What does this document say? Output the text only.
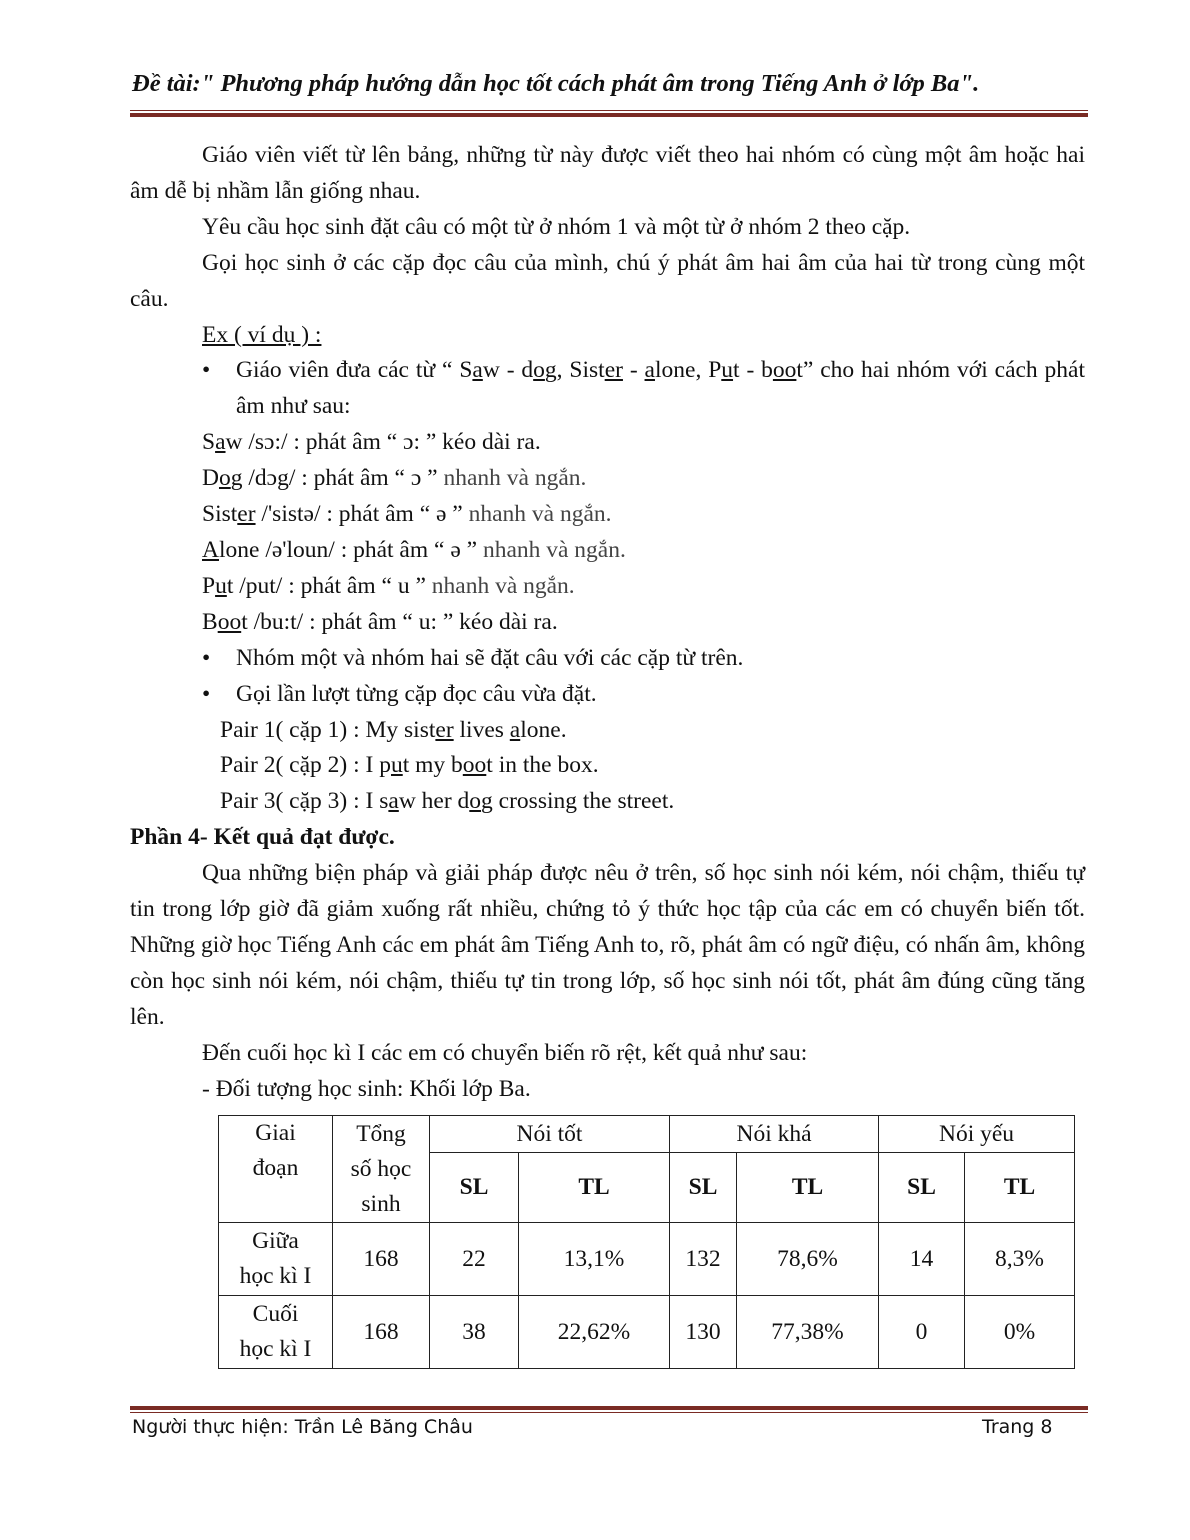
Đề tài:" Phương pháp hướng dẫn học tốt cách phát âm trong Tiếng Anh ở lớp Ba".

Giáo viên viết từ lên bảng, những từ này được viết theo hai nhóm có cùng một âm hoặc hai âm dễ bị nhầm lẫn giống nhau.

Yêu cầu học sinh đặt câu có một từ ở nhóm 1 và một từ ở nhóm 2 theo cặp.

Gọi học sinh ở các cặp đọc câu của mình, chú ý phát âm hai âm của hai từ trong cùng một câu.

Ex ( ví dụ ) :

• Giáo viên đưa các từ “ Saw - dog, Sister - alone, Put - boot” cho hai nhóm với cách phát âm như sau:

Saw /sɔ:/ : phát âm “ ɔ: ” kéo dài ra.

Dog /dɔg/ : phát âm “ ɔ ” nhanh và ngắn.

Sister /'sistə/ : phát âm “ ə ” nhanh và ngắn.

Alone /ə'loun/ : phát âm “ ə ” nhanh và ngắn.

Put /put/ : phát âm “ u ” nhanh và ngắn.

Boot /bu:t/ : phát âm “ u: ” kéo dài ra.

• Nhóm một và nhóm hai sẽ đặt câu với các cặp từ trên.

• Gọi lần lượt từng cặp đọc câu vừa đặt.

Pair 1( cặp 1) : My sister lives alone.

Pair 2( cặp 2) : I put my boot in the box.

Pair 3( cặp 3) : I saw her dog crossing the street.

Phần 4- Kết quả đạt được.

Qua những biện pháp và giải pháp được nêu ở trên, số học sinh nói kém, nói chậm, thiếu tự tin trong lớp giờ đã giảm xuống rất nhiều, chứng tỏ ý thức học tập của các em có chuyển biến tốt. Những giờ học Tiếng Anh các em phát âm Tiếng Anh to, rõ, phát âm có ngữ điệu, có nhấn âm, không còn học sinh nói kém, nói chậm, thiếu tự tin trong lớp, số học sinh nói tốt, phát âm đúng cũng tăng lên.

Đến cuối học kì I các em có chuyển biến rõ rệt, kết quả như sau:

- Đối tượng học sinh: Khối lớp Ba.

Giai
đoạn	Tổng
số học
sinh	Nói tốt		Nói khá		Nói yếu	
		SL	TL	SL	TL	SL	TL
Giữa
học kì I	168	22	13,1%	132	78,6%	14	8,3%
Cuối
học kì I	168	38	22,62%	130	77,38%	0	0%
Người thực hiện: Trần Lê Băng Châu	Trang 8
